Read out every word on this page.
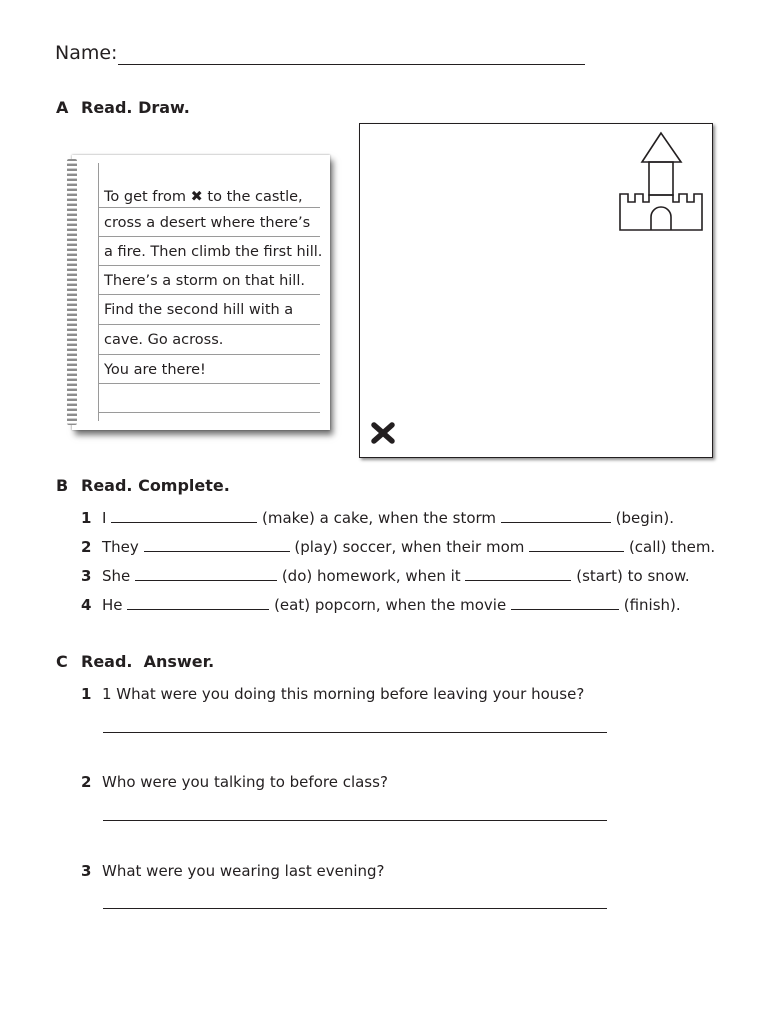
Name:
A Read. Draw.
To get from ✖ to the castle,
cross a desert where there’s
a fire. Then climb the first hill.
There’s a storm on that hill.
Find the second hill with a
cave. Go across.
You are there!
B Read. Complete.
1 I	(make) a cake, when the storm	(begin).
2 They	(play) soccer, when their mom	(call) them.
3 She	(do) homework, when it	(start) to snow.
4 He	(eat) popcorn, when the movie	(finish).
C Read.  Answer.
1 1 What were you doing this morning before leaving your house?
2 Who were you talking to before class?
3 What were you wearing last evening?
